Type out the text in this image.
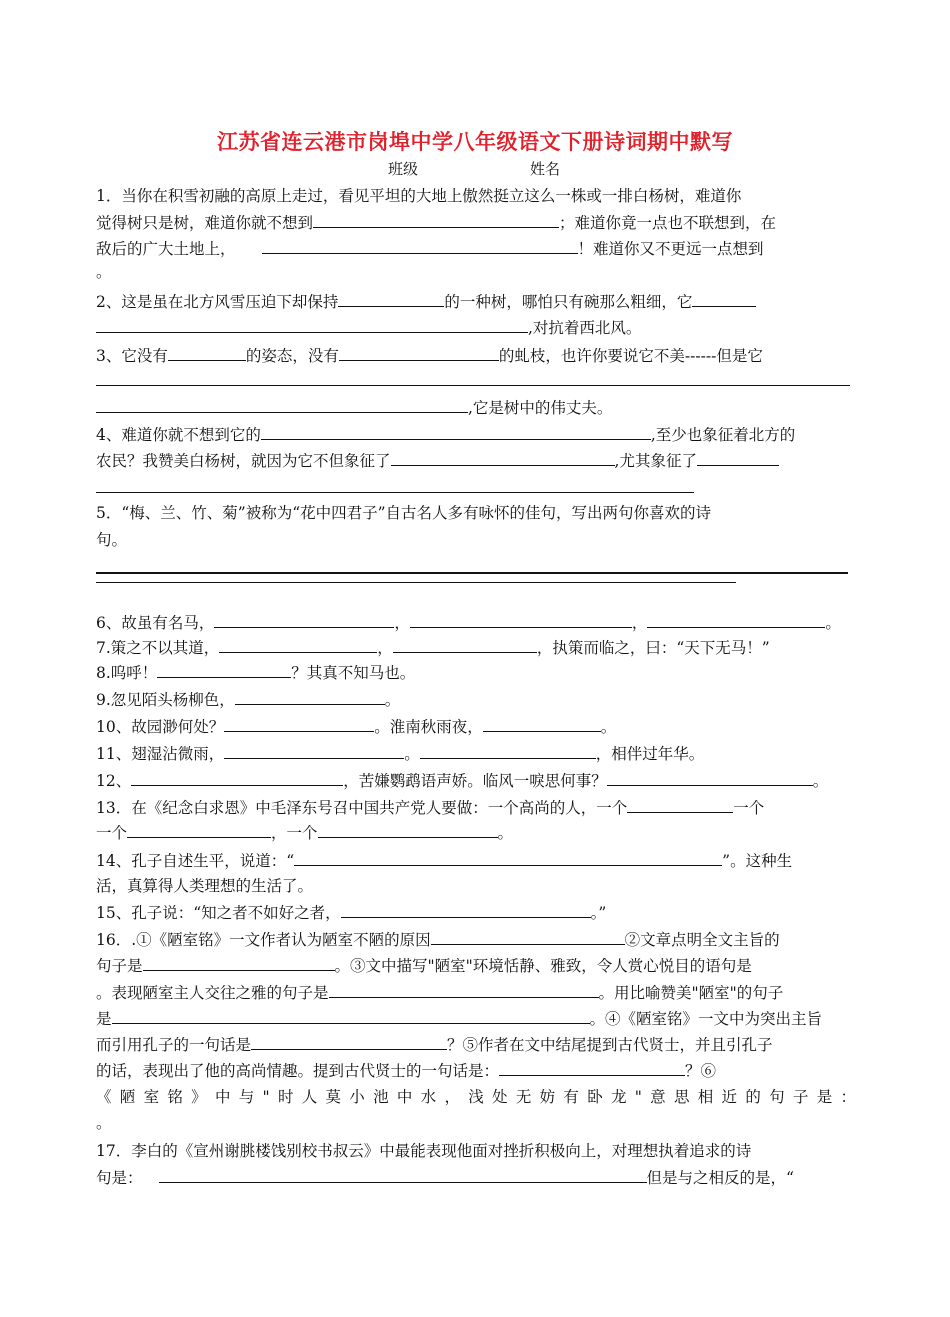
江苏省连云港市岗埠中学八年级语文下册诗词期中默写
班级	姓名
1．当你在积雪初融的高原上走过，看见平坦的大地上傲然挺立这么一株或一排白杨树，难道你
觉得树只是树，难道你就不想到	；难道你竟一点也不联想到，在
敌后的广大土地上，	！难道你又不更远一点想到
。
2、这是虽在北方风雪压迫下却保持	的一种树，哪怕只有碗那么粗细，它
,对抗着西北风。
3、它没有	的姿态，没有	的虬枝，也许你要说它不美------但是它
,它是树中的伟丈夫。
4、难道你就不想到它的	,至少也象征着北方的
农民？我赞美白杨树，就因为它不但象征了	,尤其象征了
5．“梅、兰、竹、菊”被称为“花中四君子”自古名人多有咏怀的佳句，写出两句你喜欢的诗
句。
6、故虽有名马，	，	，	。
7.策之不以其道，	，	，执策而临之，曰：“天下无马！”
8.呜呼！	？其真不知马也。
9.忽见陌头杨柳色，	。
10、故园渺何处？	。淮南秋雨夜，	。
11、翅湿沾微雨，	。	，相伴过年华。
12、	，苦嫌鹦鹉语声娇。临风一唳思何事？	。
13．在《纪念白求恩》中毛泽东号召中国共产党人要做：一个高尚的人，一个	一个
一个	，一个	。
14、孔子自述生平，说道：“	”。这种生
活，真算得人类理想的生活了。
15、孔子说：“知之者不如好之者，	。”
16．.①《陋室铭》一文作者认为陋室不陋的原因	②文章点明全文主旨的
句子是	。③文中描写"陋室"环境恬静、雅致，令人赏心悦目的语句是
。表现陋室主人交往之雅的句子是	。用比喻赞美"陋室"的句子
是	。④《陋室铭》一文中为突出主旨
而引用孔子的一句话是	？⑤作者在文中结尾提到古代贤士，并且引孔子
的话，表现出了他的高尚情趣。提到古代贤士的一句话是：	？⑥
《陋室铭》中与"时人莫小池中水，浅处无妨有卧龙"意思相近的句子是：
。
17．李白的《宣州谢朓楼饯别校书叔云》中最能表现他面对挫折积极向上，对理想执着追求的诗
句是：	但是与之相反的是，“
